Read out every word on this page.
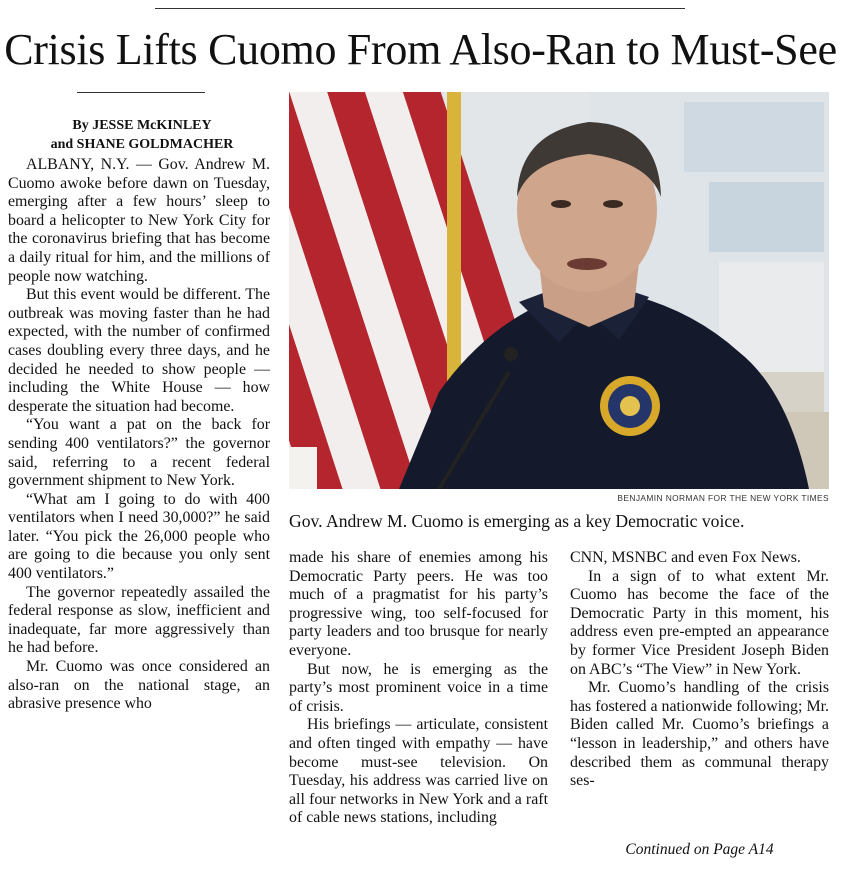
Crisis Lifts Cuomo From Also-Ran to Must-See
By JESSE McKINLEY
and SHANE GOLDMACHER

ALBANY, N.Y. — Gov. Andrew M. Cuomo awoke before dawn on Tuesday, emerging after a few hours’ sleep to board a helicopter to New York City for the coronavirus briefing that has become a daily ritual for him, and the millions of people now watching.

But this event would be different. The outbreak was moving faster than he had expected, with the number of confirmed cases doubling every three days, and he decided he needed to show people — including the White House — how desperate the situation had become.

“You want a pat on the back for sending 400 ventilators?” the governor said, referring to a recent federal government shipment to New York.

“What am I going to do with 400 ventilators when I need 30,000?” he said later. “You pick the 26,000 people who are going to die because you only sent 400 ventilators.”

The governor repeatedly assailed the federal response as slow, inefficient and inadequate, far more aggressively than he had before.

Mr. Cuomo was once considered an also-ran on the national stage, an abrasive presence who

BENJAMIN NORMAN FOR THE NEW YORK TIMES
Gov. Andrew M. Cuomo is emerging as a key Democratic voice.

made his share of enemies among his Democratic Party peers. He was too much of a pragmatist for his party’s progressive wing, too self-focused for party leaders and too brusque for nearly everyone.

But now, he is emerging as the party’s most prominent voice in a time of crisis.

His briefings — articulate, consistent and often tinged with empathy — have become must-see television. On Tuesday, his address was carried live on all four networks in New York and a raft of cable news stations, including

CNN, MSNBC and even Fox News.

In a sign of to what extent Mr. Cuomo has become the face of the Democratic Party in this moment, his address even pre-empted an appearance by former Vice President Joseph Biden on ABC’s “The View” in New York.

Mr. Cuomo’s handling of the crisis has fostered a nationwide following; Mr. Biden called Mr. Cuomo’s briefings a “lesson in leadership,” and others have described them as communal therapy ses-

Continued on Page A14
